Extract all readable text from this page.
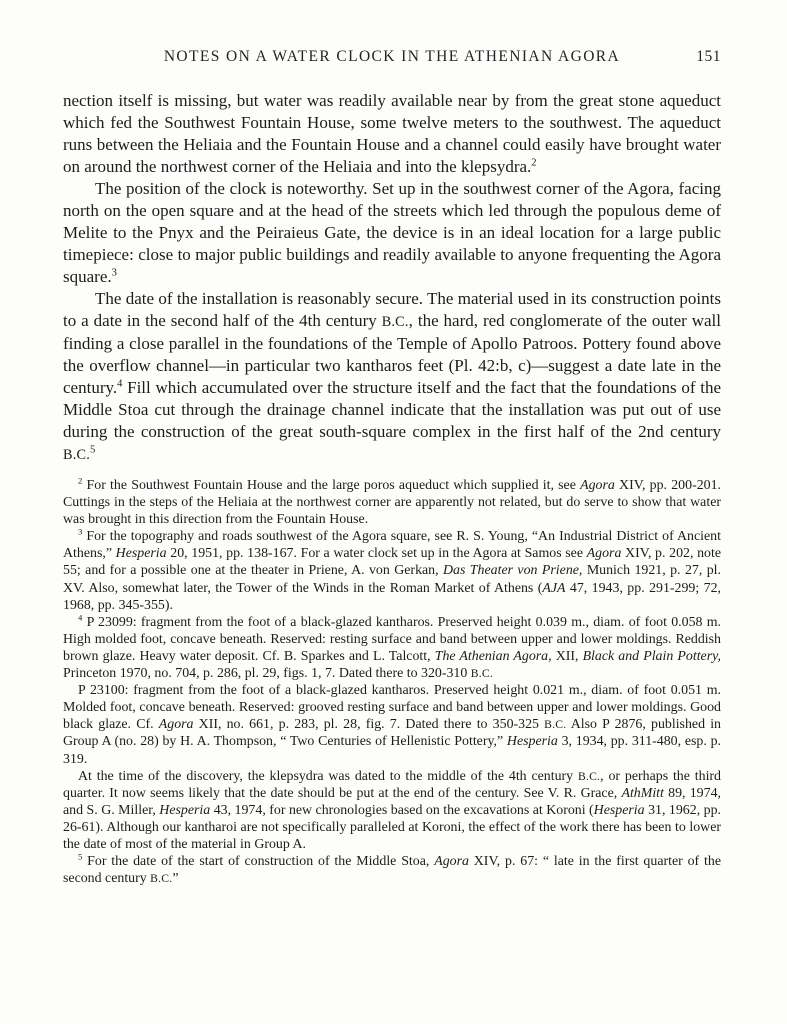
NOTES ON A WATER CLOCK IN THE ATHENIAN AGORA	151

nection itself is missing, but water was readily available near by from the great stone aqueduct which fed the Southwest Fountain House, some twelve meters to the southwest. The aqueduct runs between the Heliaia and the Fountain House and a channel could easily have brought water on around the northwest corner of the Heliaia and into the klepsydra.$^2$

The position of the clock is noteworthy. Set up in the southwest corner of the Agora, facing north on the open square and at the head of the streets which led through the populous deme of Melite to the Pnyx and the Peiraieus Gate, the device is in an ideal location for a large public timepiece: close to major public buildings and readily available to anyone frequenting the Agora square.$^3$

The date of the installation is reasonably secure. The material used in its construction points to a date in the second half of the 4th century B.C., the hard, red conglomerate of the outer wall finding a close parallel in the foundations of the Temple of Apollo Patroos. Pottery found above the overflow channel—in particular two kantharos feet (Pl. 42:b, c)—suggest a date late in the century.$^4$ Fill which accumulated over the structure itself and the fact that the foundations of the Middle Stoa cut through the drainage channel indicate that the installation was put out of use during the construction of the great south-square complex in the first half of the 2nd century B.C.$^5$

$^2$ For the Southwest Fountain House and the large poros aqueduct which supplied it, see Agora XIV, pp. 200-201. Cuttings in the steps of the Heliaia at the northwest corner are apparently not related, but do serve to show that water was brought in this direction from the Fountain House.

$^3$ For the topography and roads southwest of the Agora square, see R. S. Young, “An Industrial District of Ancient Athens,” Hesperia 20, 1951, pp. 138-167. For a water clock set up in the Agora at Samos see Agora XIV, p. 202, note 55; and for a possible one at the theater in Priene, A. von Gerkan, Das Theater von Priene, Munich 1921, p. 27, pl. XV. Also, somewhat later, the Tower of the Winds in the Roman Market of Athens (AJA 47, 1943, pp. 291-299; 72, 1968, pp. 345-355).

$^4$ P 23099: fragment from the foot of a black-glazed kantharos. Preserved height 0.039 m., diam. of foot 0.058 m. High molded foot, concave beneath. Reserved: resting surface and band between upper and lower moldings. Reddish brown glaze. Heavy water deposit. Cf. B. Sparkes and L. Talcott, The Athenian Agora, XII, Black and Plain Pottery, Princeton 1970, no. 704, p. 286, pl. 29, figs. 1, 7. Dated there to 320-310 B.C.

P 23100: fragment from the foot of a black-glazed kantharos. Preserved height 0.021 m., diam. of foot 0.051 m. Molded foot, concave beneath. Reserved: grooved resting surface and band between upper and lower moldings. Good black glaze. Cf. Agora XII, no. 661, p. 283, pl. 28, fig. 7. Dated there to 350-325 B.C. Also P 2876, published in Group A (no. 28) by H. A. Thompson, “ Two Centuries of Hellenistic Pottery,” Hesperia 3, 1934, pp. 311-480, esp. p. 319.

At the time of the discovery, the klepsydra was dated to the middle of the 4th century B.C., or perhaps the third quarter. It now seems likely that the date should be put at the end of the century. See V. R. Grace, AthMitt 89, 1974, and S. G. Miller, Hesperia 43, 1974, for new chronologies based on the excavations at Koroni (Hesperia 31, 1962, pp. 26-61). Although our kantharoi are not specifically paralleled at Koroni, the effect of the work there has been to lower the date of most of the material in Group A.

$^5$ For the date of the start of construction of the Middle Stoa, Agora XIV, p. 67: “ late in the first quarter of the second century B.C.”
